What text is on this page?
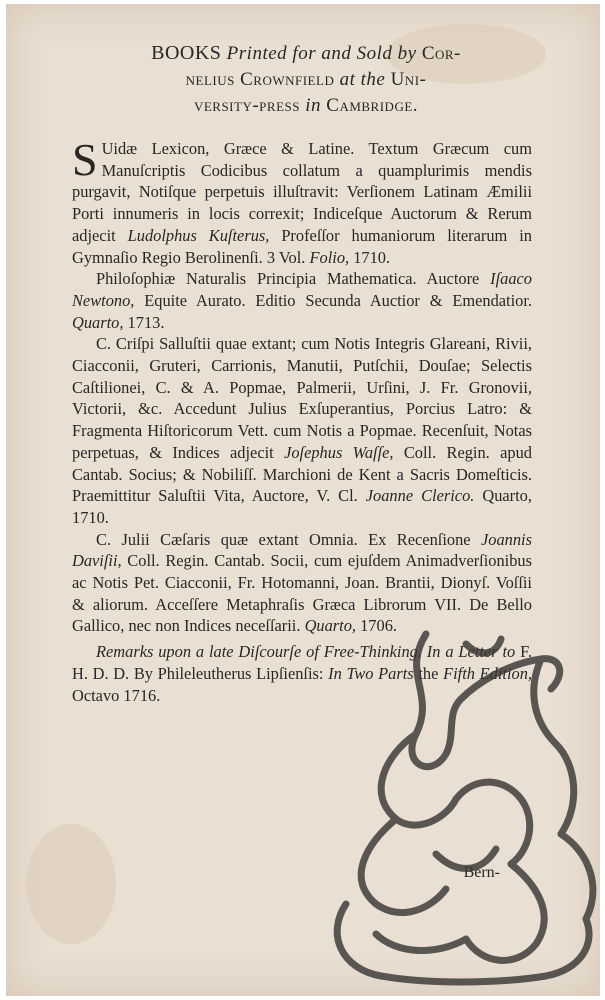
BOOKS Printed for and Sold by Cor-
nelius Crownfield at the Uni-
versity-press in Cambridge.

S Uidæ Lexicon, Græce & Latine. Textum Græcum cum Manuſcriptis Codicibus collatum a quamplurimis mendis purgavit, Notiſque perpetuis illuſtravit: Verſionem Latinam Æmilii Porti innumeris in locis correxit; Indiceſque Auctorum & Rerum adjecit Ludolphus Kuſterus, Profeſſor humaniorum literarum in Gymnaſio Regio Berolinenſi. 3 Vol. Folio, 1710.

Philoſophiæ Naturalis Principia Mathematica. Auctore Iſaaco Newtono, Equite Aurato. Editio Secunda Auctior & Emendatior. Quarto, 1713.

C. Criſpi Salluſtii quae extant; cum Notis Integris Glareani, Rivii, Ciacconii, Gruteri, Carrionis, Manutii, Putſchii, Douſae; Selectis Caſtilionei, C. & A. Popmae, Palmerii, Urſini, J. Fr. Gronovii, Victorii, &c. Accedunt Julius Exſuperantius, Porcius Latro: & Fragmenta Hiſtoricorum Vett. cum Notis a Popmae. Recenſuit, Notas perpetuas, & Indices adjecit Joſephus Waſſe, Coll. Regin. apud Cantab. Socius; & Nobiliſſ. Marchioni de Kent a Sacris Domeſticis. Praemittitur Saluſtii Vita, Auctore, V. Cl. Joanne Clerico. Quarto, 1710.

C. Julii Cæſaris quæ extant Omnia. Ex Recenſione Joannis Daviſii, Coll. Regin. Cantab. Socii, cum ejuſdem Animadverſionibus ac Notis Pet. Ciacconii, Fr. Hotomanni, Joan. Brantii, Dionyſ. Voſſii & aliorum. Acceſſere Metaphraſis Græca Librorum VII. De Bello Gallico, nec non Indices neceſſarii. Quarto, 1706.

Remarks upon a late Diſcourſe of Free-Thinking. In a Letter to F. H. D. D. By Phileleutherus Lipſienſis: In Two Parts the Fifth Edition, Octavo 1716.

Bern-
